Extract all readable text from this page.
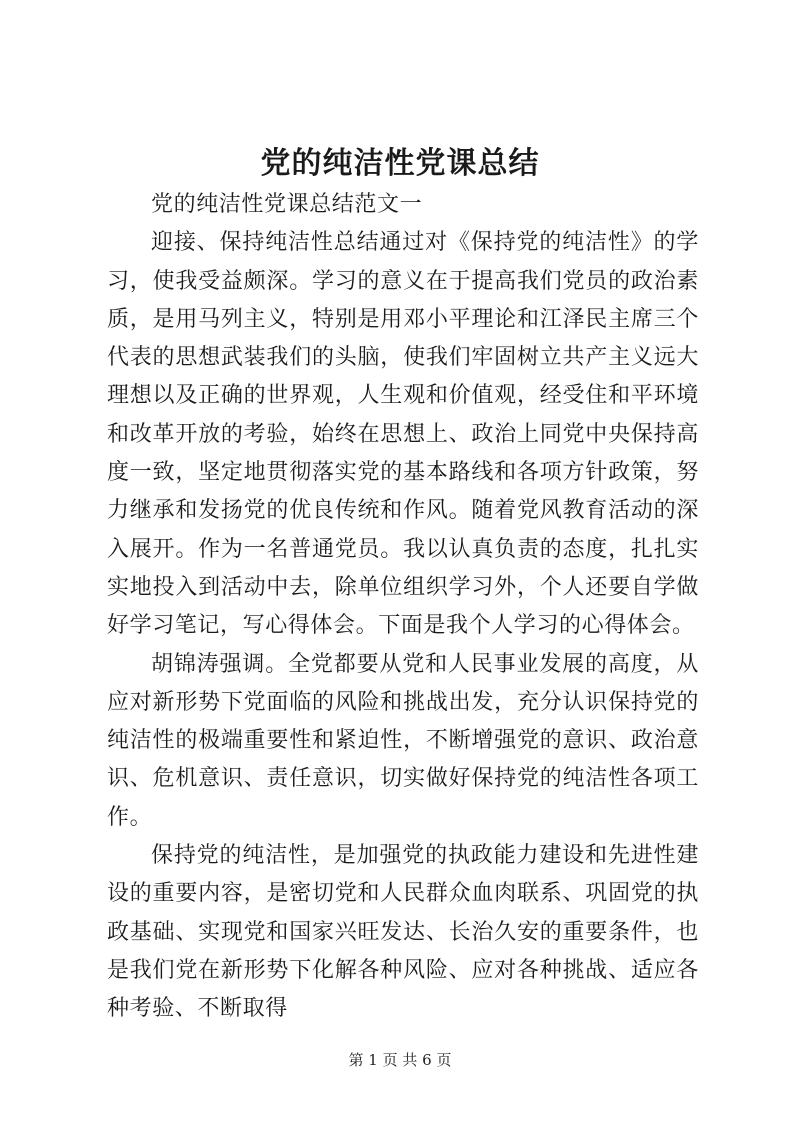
党的纯洁性党课总结

党的纯洁性党课总结范文一

迎接、保持纯洁性总结通过对《保持党的纯洁性》的学习，使我受益颇深。学习的意义在于提高我们党员的政治素质，是用马列主义，特别是用邓小平理论和江泽民主席三个代表的思想武装我们的头脑，使我们牢固树立共产主义远大理想以及正确的世界观，人生观和价值观，经受住和平环境和改革开放的考验，始终在思想上、政治上同党中央保持高度一致，坚定地贯彻落实党的基本路线和各项方针政策，努力继承和发扬党的优良传统和作风。随着党风教育活动的深入展开。作为一名普通党员。我以认真负责的态度，扎扎实实地投入到活动中去，除单位组织学习外，个人还要自学做好学习笔记，写心得体会。下面是我个人学习的心得体会。

胡锦涛强调。全党都要从党和人民事业发展的高度，从应对新形势下党面临的风险和挑战出发，充分认识保持党的纯洁性的极端重要性和紧迫性，不断增强党的意识、政治意识、危机意识、责任意识，切实做好保持党的纯洁性各项工作。

保持党的纯洁性，是加强党的执政能力建设和先进性建设的重要内容，是密切党和人民群众血肉联系、巩固党的执政基础、实现党和国家兴旺发达、长治久安的重要条件，也是我们党在新形势下化解各种风险、应对各种挑战、适应各种考验、不断取得

第 1 页 共 6 页
